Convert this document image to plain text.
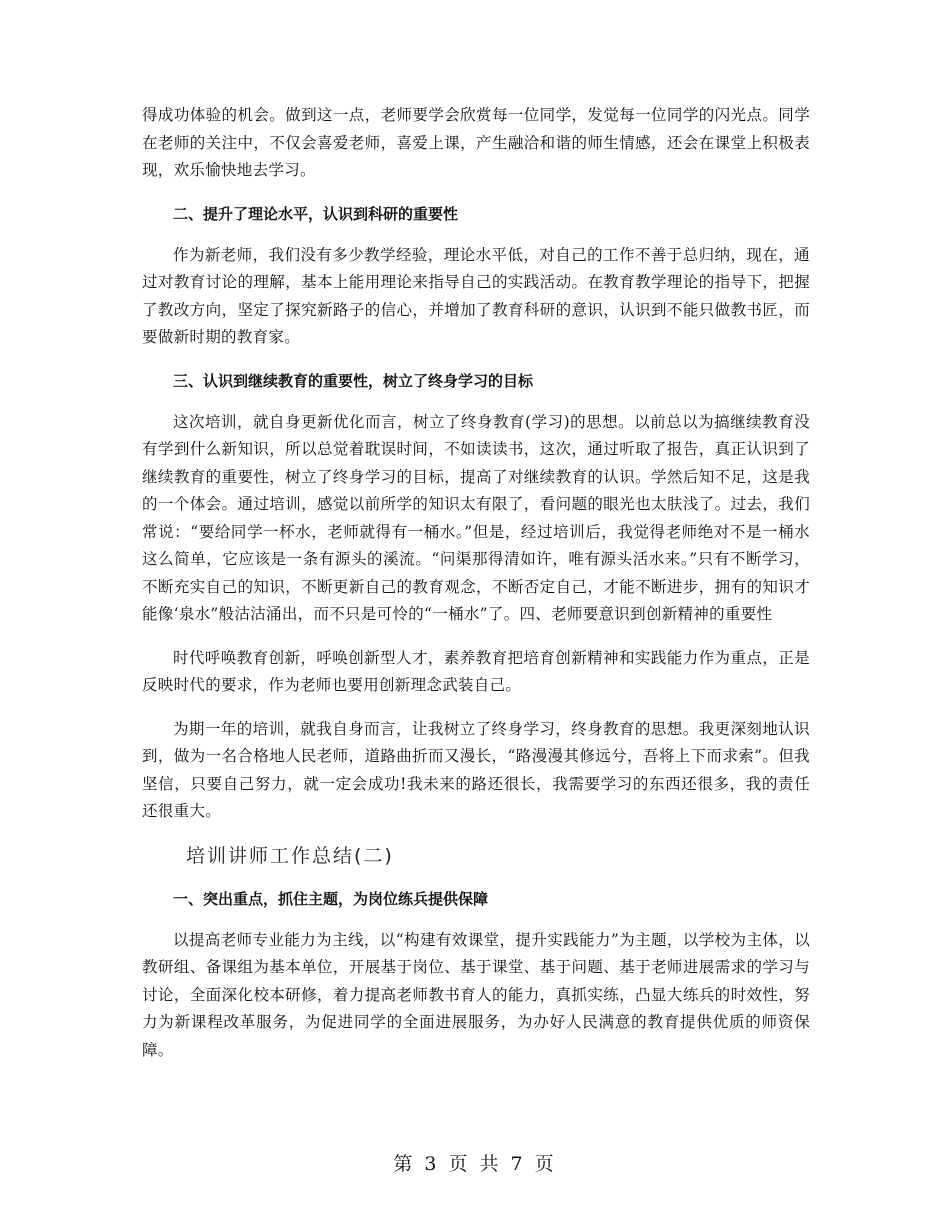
得成功体验的机会。做到这一点，老师要学会欣赏每一位同学，发觉每一位同学的闪光点。同学在老师的关注中，不仅会喜爱老师，喜爱上课，产生融洽和谐的师生情感，还会在课堂上积极表现，欢乐愉快地去学习。

二、提升了理论水平，认识到科研的重要性

作为新老师，我们没有多少教学经验，理论水平低，对自己的工作不善于总归纳，现在，通过对教育讨论的理解，基本上能用理论来指导自己的实践活动。在教育教学理论的指导下，把握了教改方向，坚定了探究新路子的信心，并增加了教育科研的意识，认识到不能只做教书匠，而要做新时期的教育家。

三、认识到继续教育的重要性，树立了终身学习的目标

这次培训，就自身更新优化而言，树立了终身教育(学习)的思想。以前总以为搞继续教育没有学到什么新知识，所以总觉着耽误时间，不如读读书，这次，通过听取了报告，真正认识到了继续教育的重要性，树立了终身学习的目标，提高了对继续教育的认识。学然后知不足，这是我的一个体会。通过培训，感觉以前所学的知识太有限了，看问题的眼光也太肤浅了。过去，我们常说：“要给同学一杯水，老师就得有一桶水。”但是，经过培训后，我觉得老师绝对不是一桶水这么简单，它应该是一条有源头的溪流。“问渠那得清如许，唯有源头活水来。”只有不断学习，不断充实自己的知识，不断更新自己的教育观念，不断否定自己，才能不断进步，拥有的知识才能像‘泉水”般沽沽涌出，而不只是可怜的“一桶水”了。四、老师要意识到创新精神的重要性

时代呼唤教育创新，呼唤创新型人才，素养教育把培育创新精神和实践能力作为重点，正是反映时代的要求，作为老师也要用创新理念武装自己。

为期一年的培训，就我自身而言，让我树立了终身学习，终身教育的思想。我更深刻地认识到，做为一名合格地人民老师，道路曲折而又漫长，“路漫漫其修远兮，吾将上下而求索”。但我坚信，只要自己努力，就一定会成功!我未来的路还很长，我需要学习的东西还很多，我的责任还很重大。

培训讲师工作总结(二)

一、突出重点，抓住主题，为岗位练兵提供保障

以提高老师专业能力为主线，以“构建有效课堂，提升实践能力”为主题，以学校为主体，以教研组、备课组为基本单位，开展基于岗位、基于课堂、基于问题、基于老师进展需求的学习与讨论，全面深化校本研修，着力提高老师教书育人的能力，真抓实练，凸显大练兵的时效性，努力为新课程改革服务，为促进同学的全面进展服务，为办好人民满意的教育提供优质的师资保障。

第 3 页 共 7 页
